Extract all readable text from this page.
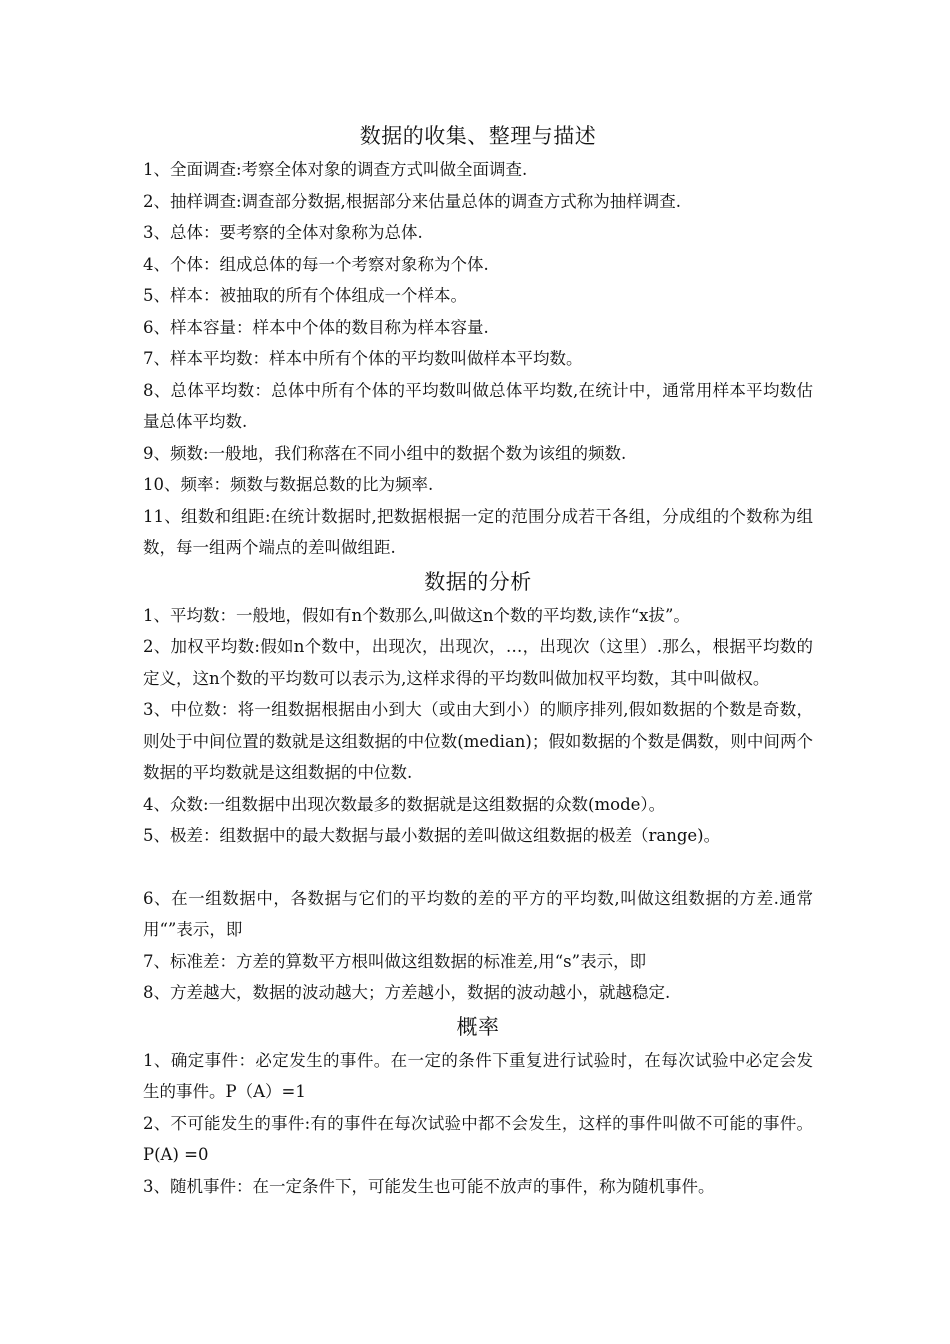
数据的收集、整理与描述

1、全面调查:考察全体对象的调查方式叫做全面调查.

2、抽样调查:调查部分数据,根据部分来估量总体的调查方式称为抽样调查.

3、总体：要考察的全体对象称为总体.

4、个体：组成总体的每一个考察对象称为个体.

5、样本：被抽取的所有个体组成一个样本。

6、样本容量：样本中个体的数目称为样本容量.

7、样本平均数：样本中所有个体的平均数叫做样本平均数。

8、总体平均数：总体中所有个体的平均数叫做总体平均数,在统计中，通常用样本平均数估量总体平均数.

9、频数:一般地，我们称落在不同小组中的数据个数为该组的频数.

10、频率：频数与数据总数的比为频率.

11、组数和组距:在统计数据时,把数据根据一定的范围分成若干各组，分成组的个数称为组数，每一组两个端点的差叫做组距.

数据的分析

1、平均数：一般地，假如有n个数那么,叫做这n个数的平均数,读作“x拔”。

2、加权平均数:假如n个数中，出现次，出现次，…，出现次（这里）.那么，根据平均数的定义，这n个数的平均数可以表示为,这样求得的平均数叫做加权平均数，其中叫做权。

3、中位数：将一组数据根据由小到大（或由大到小）的顺序排列,假如数据的个数是奇数，则处于中间位置的数就是这组数据的中位数(median)；假如数据的个数是偶数，则中间两个数据的平均数就是这组数据的中位数.

4、众数:一组数据中出现次数最多的数据就是这组数据的众数(mode）。

5、极差：组数据中的最大数据与最小数据的差叫做这组数据的极差（range)。

6、在一组数据中，各数据与它们的平均数的差的平方的平均数,叫做这组数据的方差.通常用“”表示，即

7、标准差：方差的算数平方根叫做这组数据的标准差,用“s”表示，即

8、方差越大，数据的波动越大；方差越小，数据的波动越小，就越稳定.

概率

1、确定事件：必定发生的事件。在一定的条件下重复进行试验时，在每次试验中必定会发生的事件。P（A）=1

2、不可能发生的事件:有的事件在每次试验中都不会发生，这样的事件叫做不可能的事件。P(A) =0

3、随机事件：在一定条件下，可能发生也可能不放声的事件，称为随机事件。
